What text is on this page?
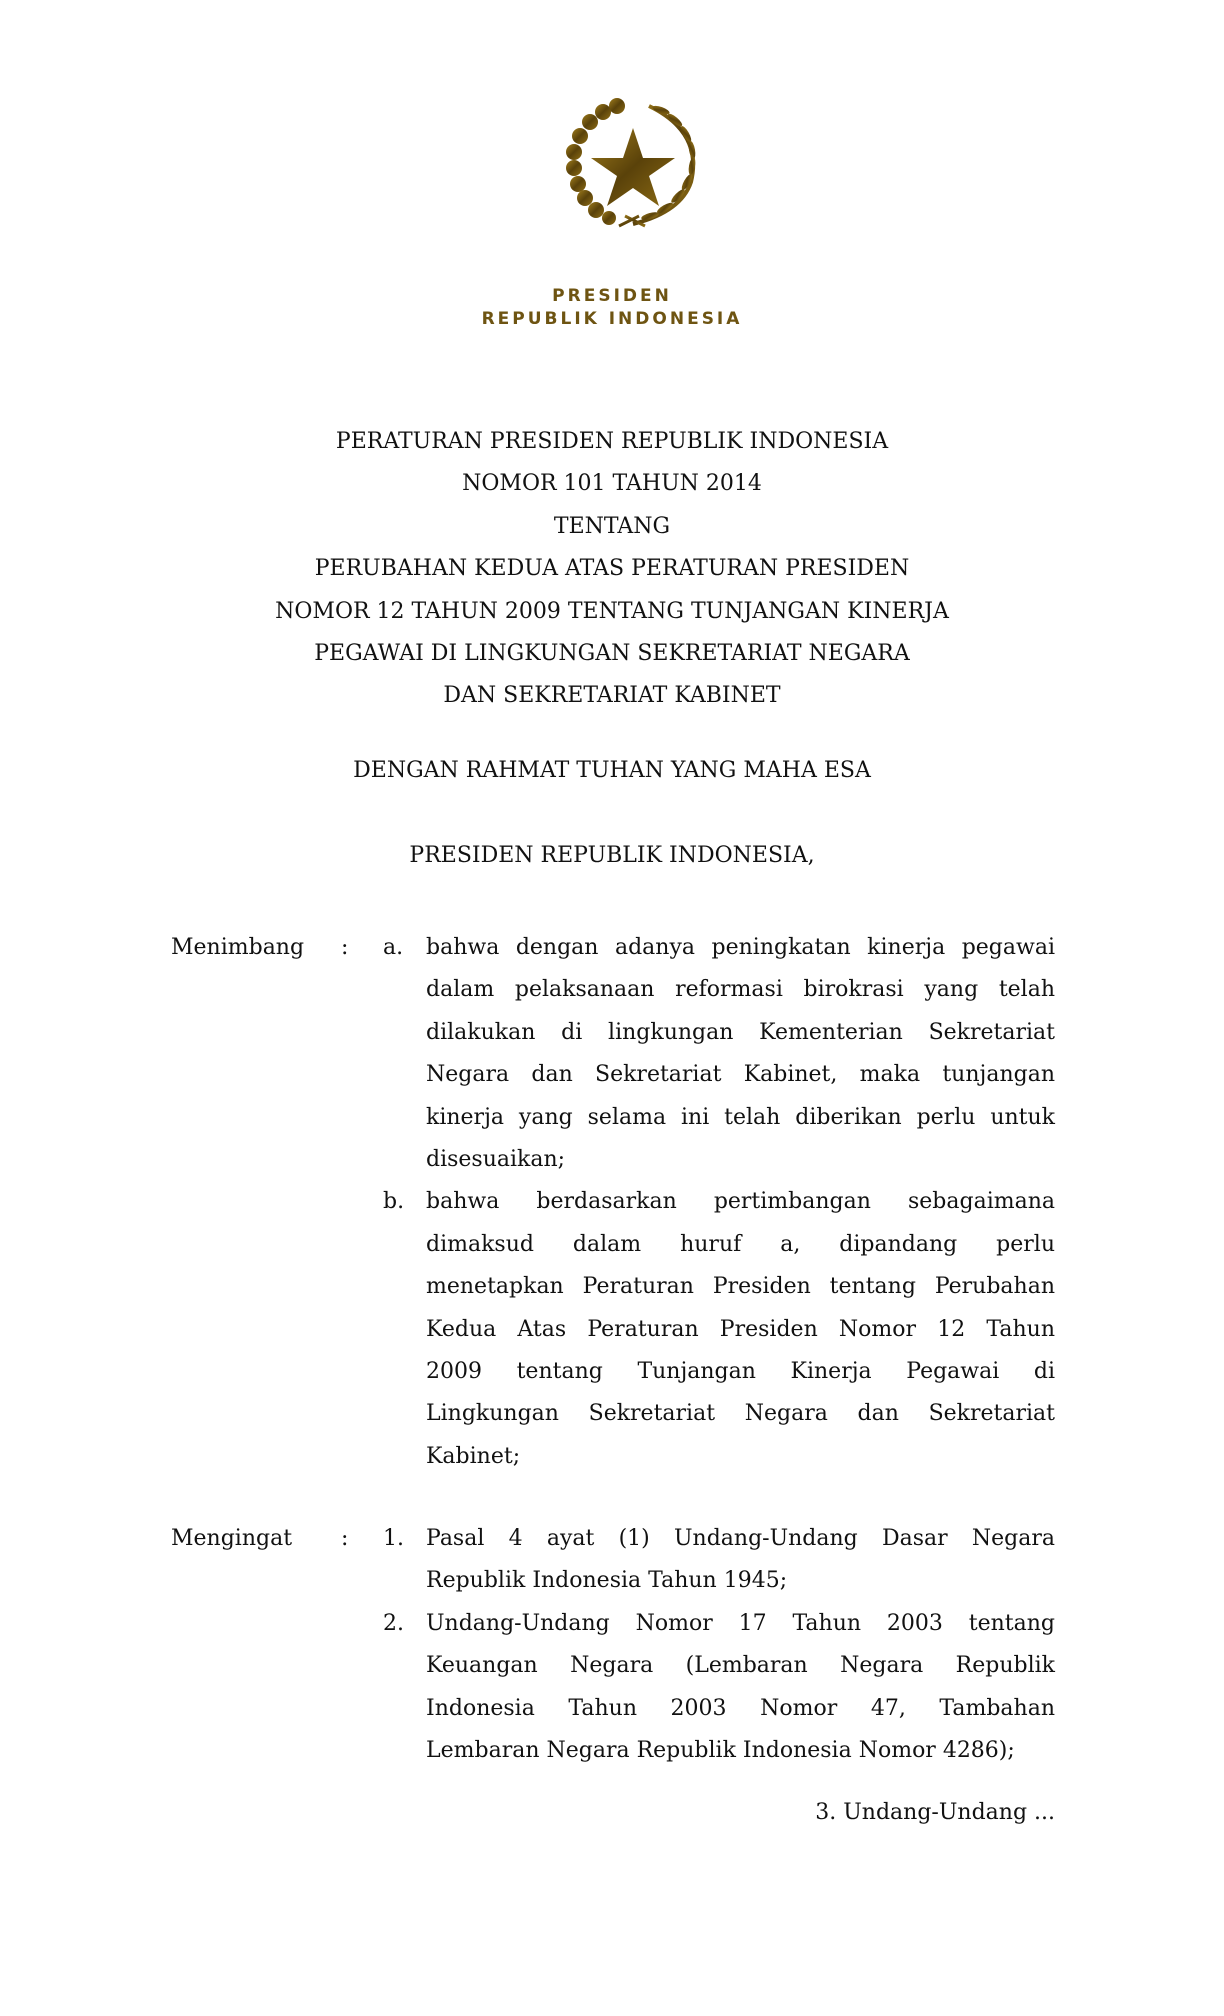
PRESIDEN
REPUBLIK INDONESIA
PERATURAN PRESIDEN REPUBLIK INDONESIA
NOMOR 101 TAHUN 2014
TENTANG
PERUBAHAN KEDUA ATAS PERATURAN PRESIDEN
NOMOR 12 TAHUN 2009 TENTANG TUNJANGAN KINERJA
PEGAWAI DI LINGKUNGAN SEKRETARIAT NEGARA
DAN SEKRETARIAT KABINET
DENGAN RAHMAT TUHAN YANG MAHA ESA
PRESIDEN REPUBLIK INDONESIA,
Menimbang :
Mengingat :
a. bahwa dengan adanya peningkatan kinerja pegawai
dalam pelaksanaan reformasi birokrasi yang telah
dilakukan di lingkungan Kementerian Sekretariat
Negara dan Sekretariat Kabinet, maka tunjangan
kinerja yang selama ini telah diberikan perlu untuk
disesuaikan;
b. bahwa berdasarkan pertimbangan sebagaimana
dimaksud dalam huruf a, dipandang perlu
menetapkan Peraturan Presiden tentang Perubahan
Kedua Atas Peraturan Presiden Nomor 12 Tahun
2009 tentang Tunjangan Kinerja Pegawai di
Lingkungan Sekretariat Negara dan Sekretariat
Kabinet;
1. Pasal 4 ayat (1) Undang-Undang Dasar Negara
Republik Indonesia Tahun 1945;
2. Undang-Undang Nomor 17 Tahun 2003 tentang
Keuangan Negara (Lembaran Negara Republik
Indonesia Tahun 2003 Nomor 47, Tambahan
Lembaran Negara Republik Indonesia Nomor 4286);
3. Undang-Undang ...
